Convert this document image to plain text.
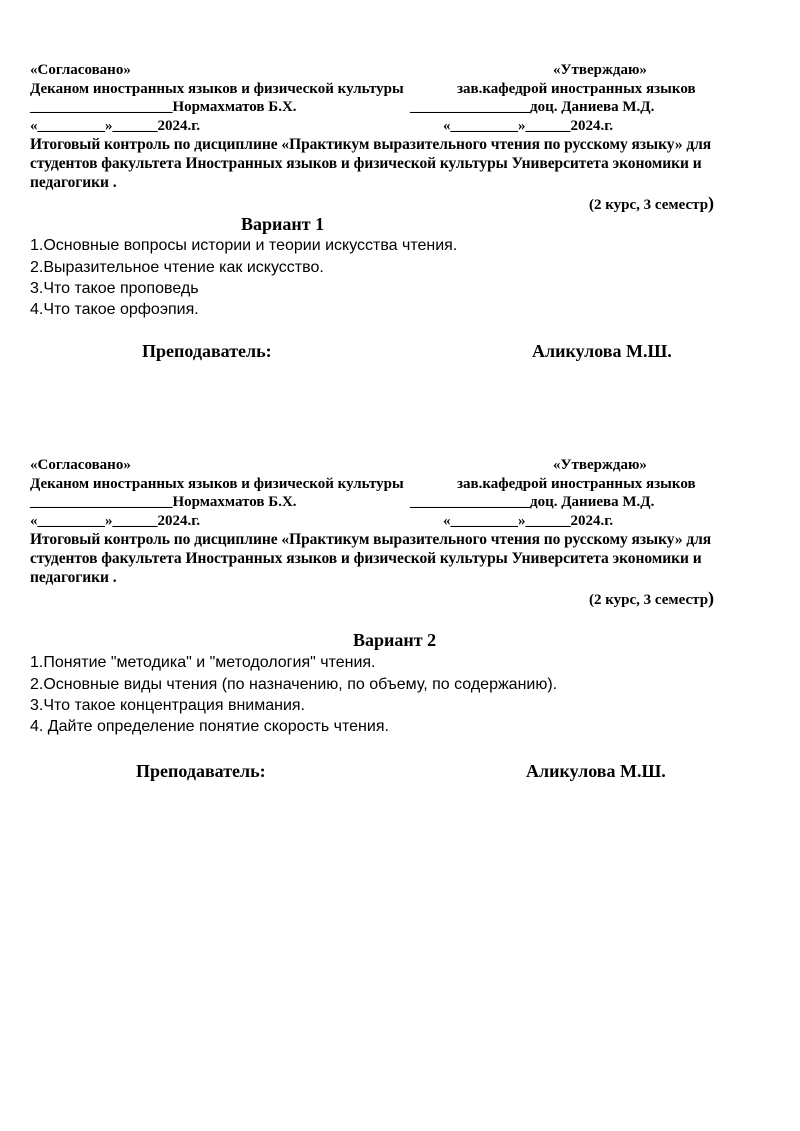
«Согласовано»	«Утверждаю»
Деканом иностранных языков и физической культуры	зав.кафедрой иностранных языков
___________________Нормахматов Б.Х.	________________доц. Даниева М.Д.
«_________»______2024.г.	«_________»______2024.г.
Итоговый контроль по дисциплине «Практикум выразительного чтения по русскому языку» для студентов факультета Иностранных языков и физической культуры Университета экономики и педагогики .
(2 курс, 3 семестр)
Вариант 1
1.Основные вопросы истории и теории искусства чтения.
2.Выразительное чтение как искусство.
3.Что такое проповедь
4.Что такое орфоэпия.
Преподаватель:	Аликулова М.Ш.
«Согласовано»	«Утверждаю»
Деканом иностранных языков и физической культуры	зав.кафедрой иностранных языков
___________________Нормахматов Б.Х.	________________доц. Даниева М.Д.
«_________»______2024.г.	«_________»______2024.г.
Итоговый контроль по дисциплине «Практикум выразительного чтения по русскому языку» для студентов факультета Иностранных языков и физической культуры Университета экономики и педагогики .
(2 курс, 3 семестр)
Вариант 2
1.Понятие "методика" и "методология" чтения.
2.Основные виды чтения (по назначению, по объему, по содержанию).
3.Что такое концентрация внимания.
4. Дайте определение понятие скорость чтения.
Преподаватель:	Аликулова М.Ш.
